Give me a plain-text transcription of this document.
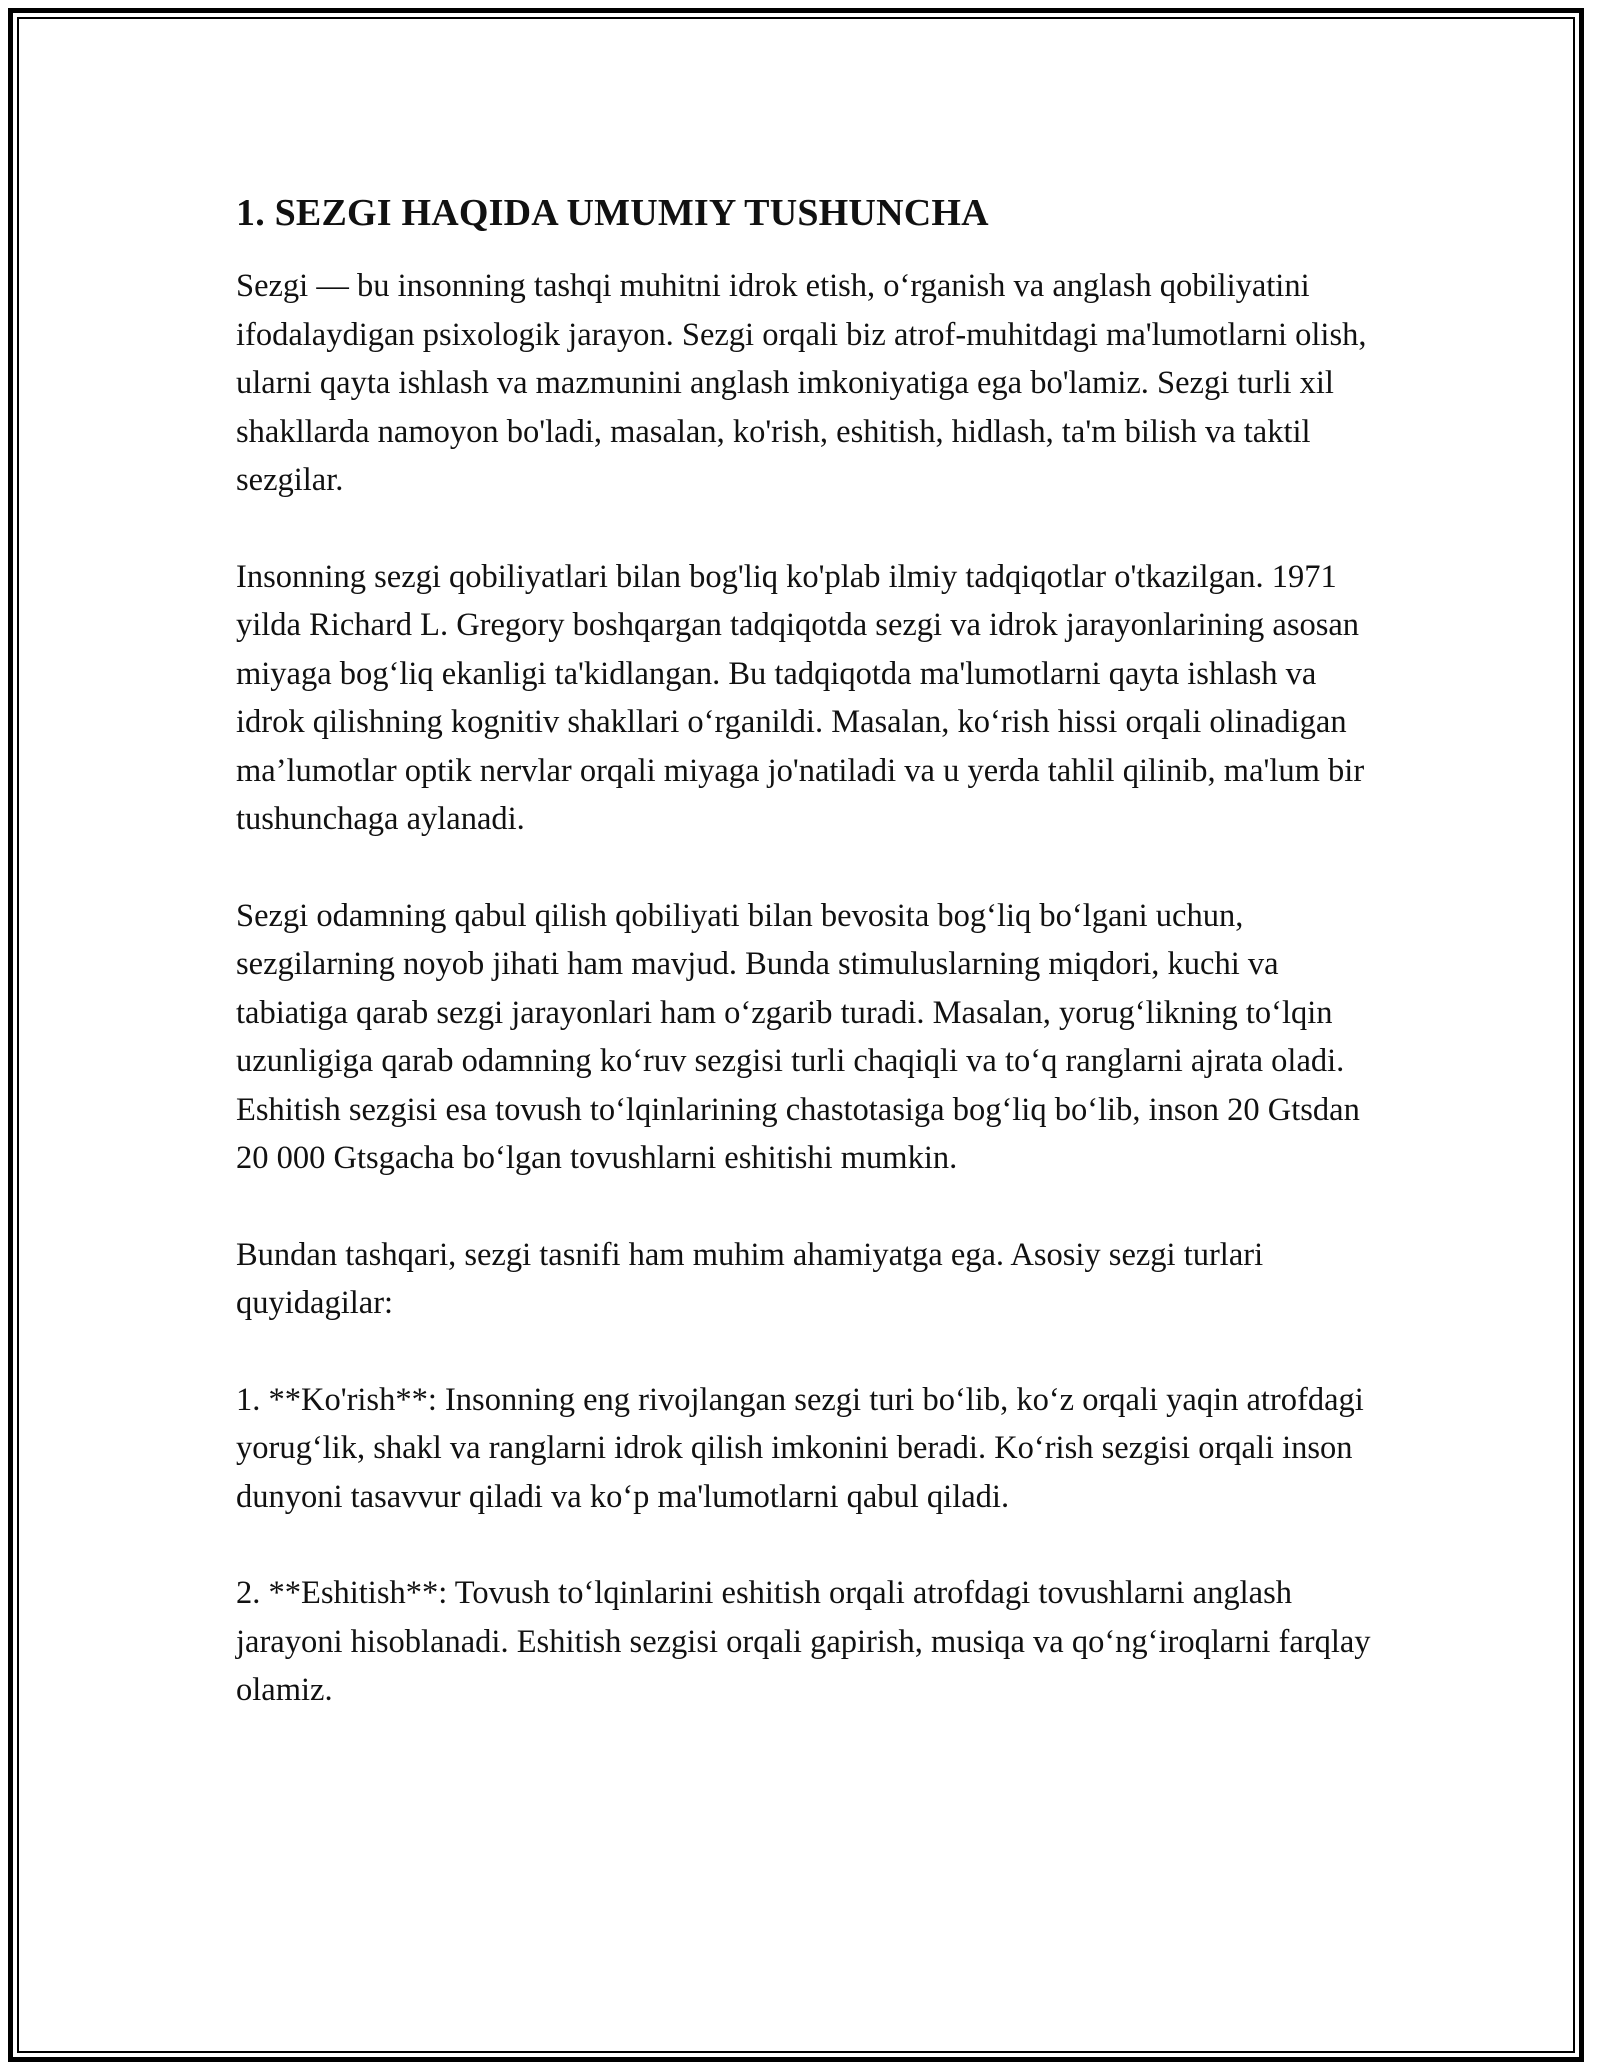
1. SEZGI HAQIDA UMUMIY TUSHUNCHA

Sezgi — bu insonning tashqi muhitni idrok etish, o‘rganish va anglash qobiliyatini ifodalaydigan psixologik jarayon. Sezgi orqali biz atrof-muhitdagi ma'lumotlarni olish, ularni qayta ishlash va mazmunini anglash imkoniyatiga ega bo'lamiz. Sezgi turli xil shakllarda namoyon bo'ladi, masalan, ko'rish, eshitish, hidlash, ta'm bilish va taktil sezgilar.

Insonning sezgi qobiliyatlari bilan bog'liq ko'plab ilmiy tadqiqotlar o'tkazilgan. 1971 yilda Richard L. Gregory boshqargan tadqiqotda sezgi va idrok jarayonlarining asosan miyaga bog‘liq ekanligi ta'kidlangan. Bu tadqiqotda ma'lumotlarni qayta ishlash va idrok qilishning kognitiv shakllari o‘rganildi. Masalan, ko‘rish hissi orqali olinadigan ma’lumotlar optik nervlar orqali miyaga jo'natiladi va u yerda tahlil qilinib, ma'lum bir tushunchaga aylanadi.

Sezgi odamning qabul qilish qobiliyati bilan bevosita bog‘liq bo‘lgani uchun, sezgilarning noyob jihati ham mavjud. Bunda stimuluslarning miqdori, kuchi va tabiatiga qarab sezgi jarayonlari ham o‘zgarib turadi. Masalan, yorug‘likning to‘lqin uzunligiga qarab odamning ko‘ruv sezgisi turli chaqiqli va to‘q ranglarni ajrata oladi. Eshitish sezgisi esa tovush to‘lqinlarining chastotasiga bog‘liq bo‘lib, inson 20 Gtsdan 20 000 Gtsgacha bo‘lgan tovushlarni eshitishi mumkin.

Bundan tashqari, sezgi tasnifi ham muhim ahamiyatga ega. Asosiy sezgi turlari quyidagilar:

1. **Ko'rish**: Insonning eng rivojlangan sezgi turi bo‘lib, ko‘z orqali yaqin atrofdagi yorug‘lik, shakl va ranglarni idrok qilish imkonini beradi. Ko‘rish sezgisi orqali inson dunyoni tasavvur qiladi va ko‘p ma'lumotlarni qabul qiladi.

2. **Eshitish**: Tovush to‘lqinlarini eshitish orqali atrofdagi tovushlarni anglash jarayoni hisoblanadi. Eshitish sezgisi orqali gapirish, musiqa va qo‘ng‘iroqlarni farqlay olamiz.
